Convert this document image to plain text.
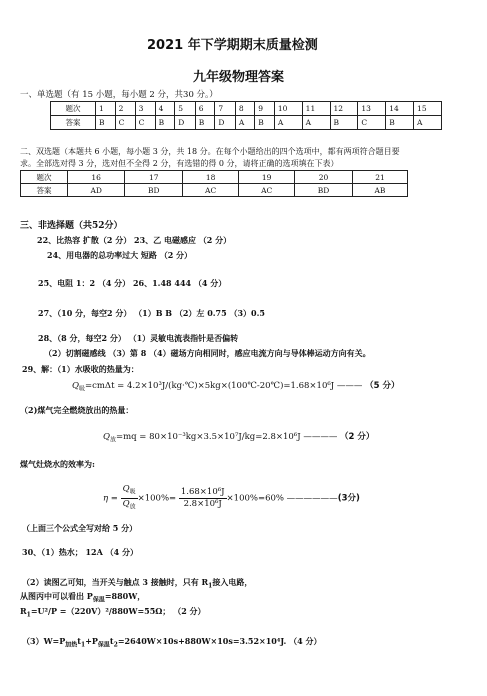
2021 年下学期期末质量检测
九年级物理答案
一、单选题（有 15 小题，每小题 2 分，共30 分。）
题次	1	2	3	4	5	6	7	8	9	10	11	12	13	14	15
答案	B	C	C	B	D	B	D	A	B	A	A	B	C	B	A
二、双选题（本题共 6 小题，每小题 3 分，共 18 分。在每个小题给出的四个选项中，都有两项符合题目要
求。全部选对得 3 分，选对但不全得 2 分，有选错的得 0 分，请将正确的选项填在下表）
题次	16	17	18	19	20	21
答案	AD	BD	AC	AC	BD	AB
三、非选择题（共52分）
22、比热容 扩散（2 分） 23、乙 电磁感应 （2 分）
24、用电器的总功率过大 短路 （2 分）
25、电阻 1：2 （4 分） 26、1.48 444 （4 分）
27、（10 分，每空2 分） （1）B B （2）左 0.75 （3）0.5
28、（8 分，每空2 分） （1）灵敏电流表指针是否偏转
（2）切割磁感线 （3）第 8 （4）磁场方向相同时，感应电流方向与导体棒运动方向有关。
29、解：（1）水吸收的热量为：
$Q_吸=cm\Delta t$ = 4.2×10³J/(kg·℃)×5kg×(100℃-20℃)=1.68×10⁶J ——— （5 分）
（2)煤气完全燃烧放出的热量：
$Q_放=mq = 80\times 10^{-3}kg\times 3.5\times 10^7J/kg=2.8\times 10^6J$ ———— （2 分）
煤气灶烧水的效率为:
$\eta = \frac{Q_吸}{Q_放} \times 100\%= \frac{\text{1.68×10⁶J}}{\text{2.8×10⁶J}} \times 100\%=60\%$ ——————(3分)
（上面三个公式全写对给 5 分）
30、（1）热水； 12A （4 分）
（2）读图乙可知，当开关与触点 3 接触时，只有 $R_1$接入电路，
从图丙中可以看出 $P_{保温}=880W$，
$R_1=U^2/P =(220V)^2/880W=55\Omega$； （2 分）
$(3)W=P_{加热}t_1+P_{保温}t_2=2640W\times 10s+880W\times 10s=3.52\times 10^4J$. （4 分）
